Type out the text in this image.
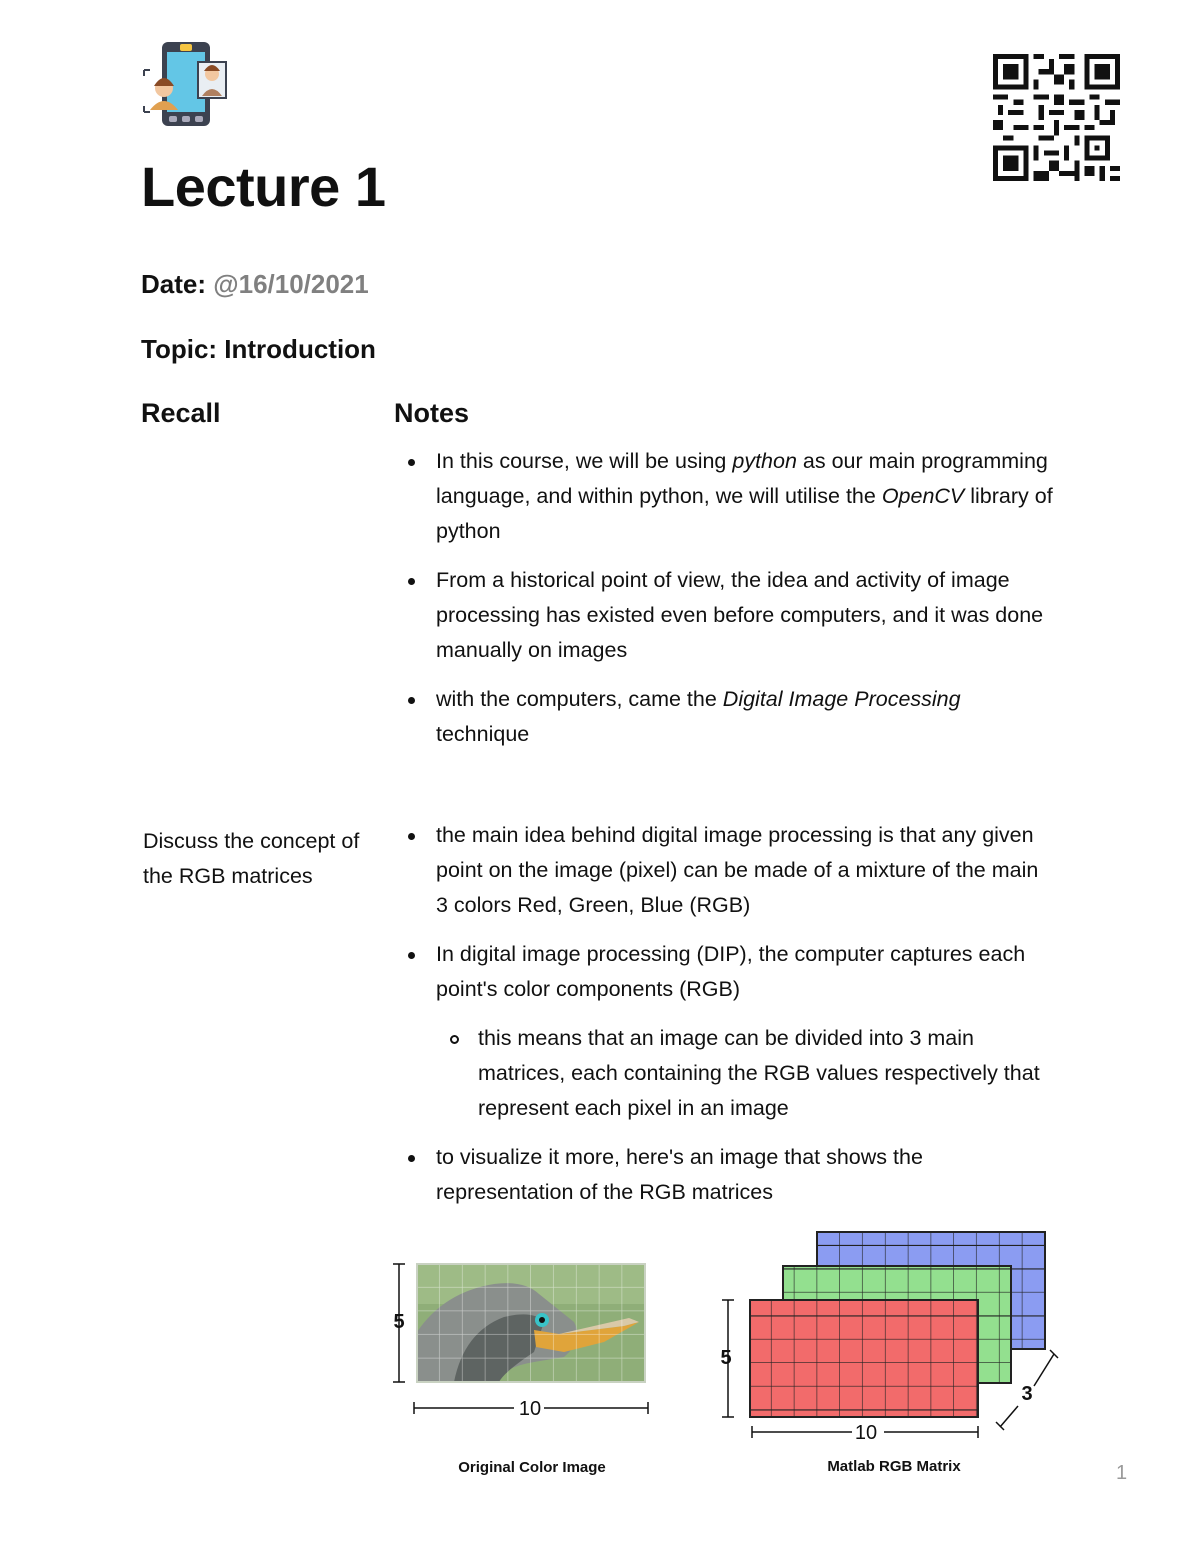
Lecture 1

Date: @16/10/2021

Topic: Introduction

Recall	Notes
In this course, we will be using python as our main programming language, and within python, we will utilise the OpenCV library of python
From a historical point of view, the idea and activity of image processing has existed even before computers, and it was done manually on images
with the computers, came the Digital Image Processing technique

Discuss the concept of the RGB matrices

the main idea behind digital image processing is that any given point on the image (pixel) can be made of a mixture of the main 3 colors Red, Green, Blue (RGB)
In digital image processing (DIP), the computer captures each point's color components (RGB)
this means that an image can be divided into 3 main matrices, each containing the RGB values respectively that represent each pixel in an image
to visualize it more, here's an image that shows the representation of the RGB matrices
5
10
Original Color Image
5
10
3
Matlab RGB Matrix	1
